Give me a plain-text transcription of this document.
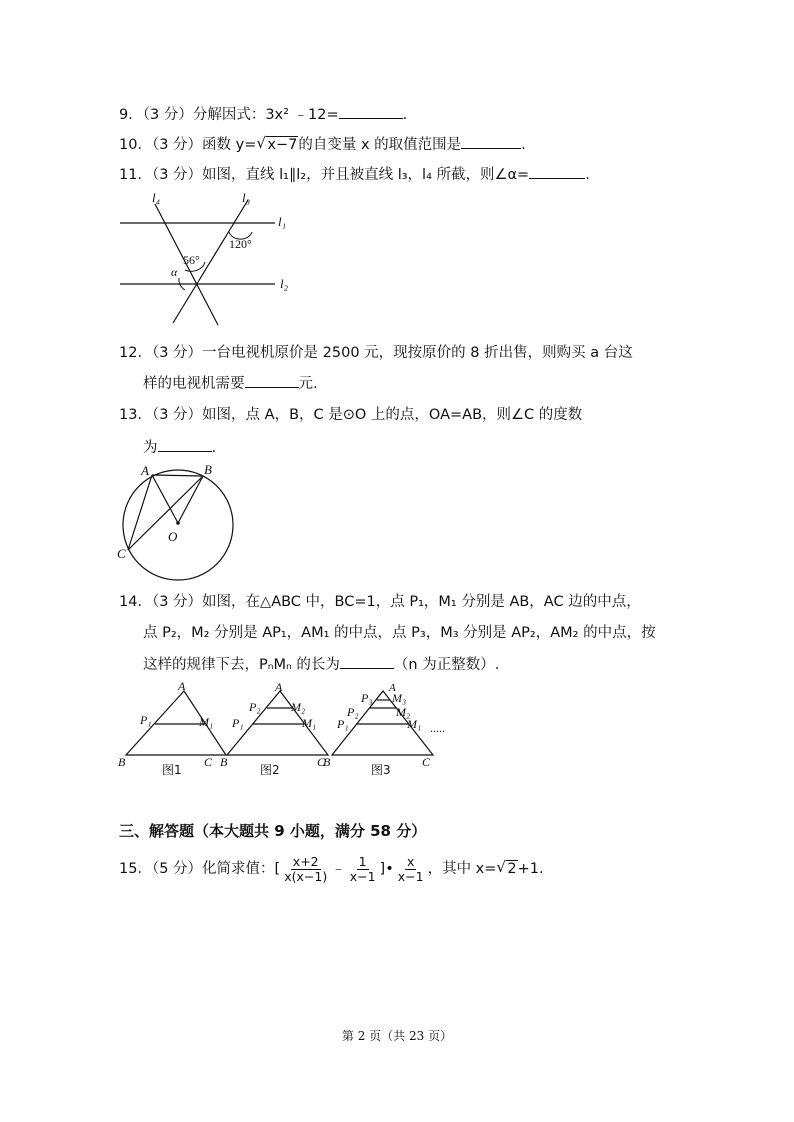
9．（3 分）分解因式：3x² ﹣12=	.
10．（3 分）函数 y= √ x−7的自变量 x 的取值范围是	.
11．（3 分）如图，直线 l₁∥l₂，并且被直线 l₃，l₄ 所截，则∠α=	.
l₄	l₃
l₁
l₂
120°
56°
α
12．（3 分）一台电视机原价是 2500 元，现按原价的 8 折出售，则购买 a 台这
样的电视机需要	元.
13．（3 分）如图，点 A，B，C 是⊙O 上的点，OA=AB，则∠C 的度数
为	.
A	B
C
O
14．（3 分）如图，在△ABC 中，BC=1，点 P₁，M₁ 分别是 AB，AC 边的中点，
点 P₂，M₂ 分别是 AP₁，AM₁ 的中点，点 P₃，M₃ 分别是 AP₂，AM₂ 的中点，按
这样的规律下去，PₙMₙ 的长为	（n 为正整数）.
A
B	C
P₁	M₁
图1
A
B	C
P₁	M₁
P₂	M₂
图2
A
B	C
P₁	M₁
P₂	M₂
P₃ M₃
图3
.....
三、解答题（本大题共 9 小题，满分 58 分）
15．（5 分）化简求值：[ $\frac{x+2}{x(x-1)}$ ﹣ $\frac{1}{x-1}$ ]• $\frac{x}{x-1}$ ，其中 x= √ 2+1.
第 2 页（共 23 页）
